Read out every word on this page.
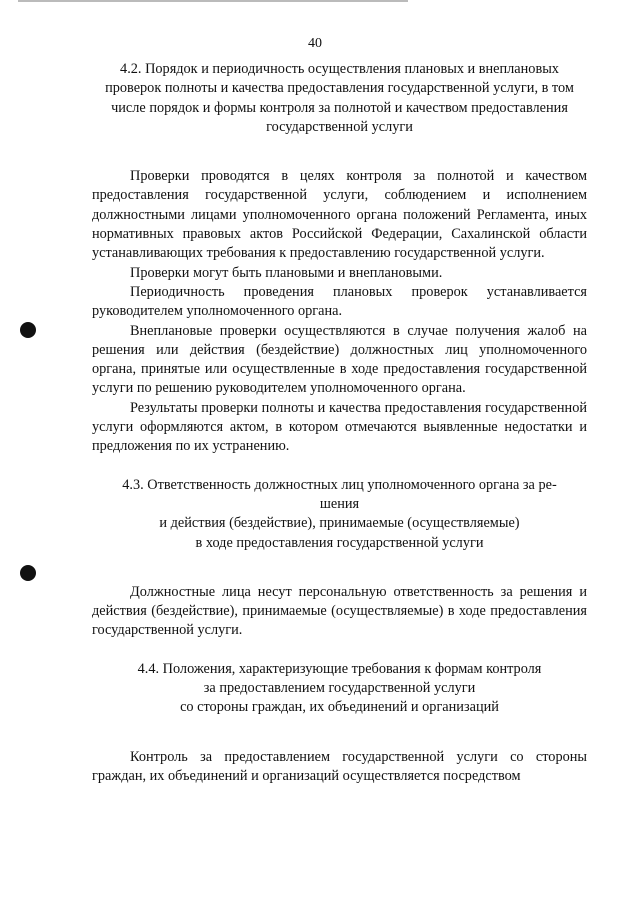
40
4.2. Порядок и периодичность осуществления плановых и внеплановых
проверок полноты и качества предоставления государственной услуги, в том
числе порядок и формы контроля за полнотой и качеством предоставления
государственной услуги

Проверки проводятся в целях контроля за полнотой и качеством предоставления государственной услуги, соблюдением и исполнением должностными лицами уполномоченного органа положений Регламента, иных нормативных правовых актов Российской Федерации, Сахалинской области устанавливающих требования к предоставлению государственной услуги.

Проверки могут быть плановыми и внеплановыми.

Периодичность проведения плановых проверок устанавливается руководителем уполномоченного органа.

Внеплановые проверки осуществляются в случае получения жалоб на решения или действия (бездействие) должностных лиц уполномоченного органа, принятые или осуществленные в ходе предоставления государственной услуги по решению руководителем уполномоченного органа.

Результаты проверки полноты и качества предоставления государственной услуги оформляются актом, в котором отмечаются выявленные недостатки и предложения по их устранению.

4.3. Ответственность должностных лиц уполномоченного органа за ре-
шения
и действия (бездействие), принимаемые (осуществляемые)
в ходе предоставления государственной услуги

Должностные лица несут персональную ответственность за решения и действия (бездействие), принимаемые (осуществляемые) в ходе предоставления государственной услуги.

4.4. Положения, характеризующие требования к формам контроля
за предоставлением государственной услуги
со стороны граждан, их объединений и организаций

Контроль за предоставлением государственной услуги со стороны граждан, их объединений и организаций осуществляется посредством
